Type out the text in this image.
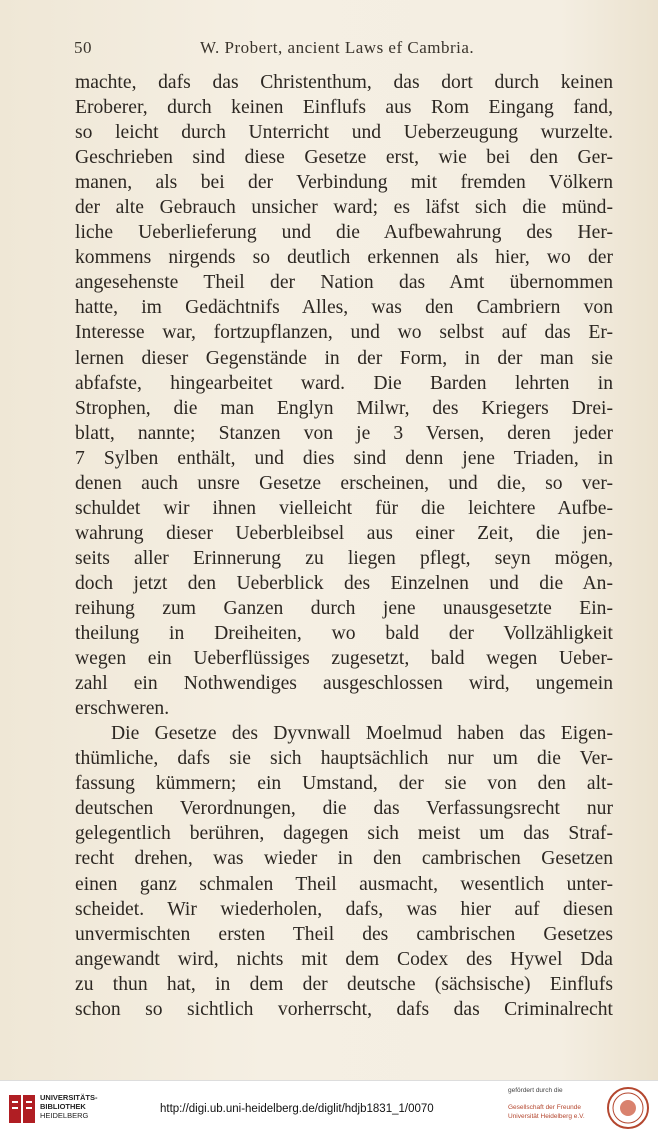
50	W. Probert, ancient Laws ef Cambria.
machte, dafs das Christenthum, das dort durch keinen
Eroberer, durch keinen Einflufs aus Rom Eingang fand,
so leicht durch Unterricht und Ueberzeugung wurzelte.
Geschrieben sind diese Gesetze erst, wie bei den Ger-
manen, als bei der Verbindung mit fremden Völkern
der alte Gebrauch unsicher ward; es läfst sich die münd-
liche Ueberlieferung und die Aufbewahrung des Her-
kommens nirgends so deutlich erkennen als hier, wo der
angesehenste Theil der Nation das Amt übernommen
hatte, im Gedächtnifs Alles, was den Cambriern von
Interesse war, fortzupflanzen, und wo selbst auf das Er-
lernen dieser Gegenstände in der Form, in der man sie
abfafste, hingearbeitet ward. Die Barden lehrten in
Strophen, die man Englyn Milwr, des Kriegers Drei-
blatt, nannte; Stanzen von je 3 Versen, deren jeder
7 Sylben enthält, und dies sind denn jene Triaden, in
denen auch unsre Gesetze erscheinen, und die, so ver-
schuldet wir ihnen vielleicht für die leichtere Aufbe-
wahrung dieser Ueberbleibsel aus einer Zeit, die jen-
seits aller Erinnerung zu liegen pflegt, seyn mögen,
doch jetzt den Ueberblick des Einzelnen und die An-
reihung zum Ganzen durch jene unausgesetzte Ein-
theilung in Dreiheiten, wo bald der Vollzähligkeit
wegen ein Ueberflüssiges zugesetzt, bald wegen Ueber-
zahl ein Nothwendiges ausgeschlossen wird, ungemein
erschweren.
Die Gesetze des Dyvnwall Moelmud haben das Eigen-
thümliche, dafs sie sich hauptsächlich nur um die Ver-
fassung kümmern; ein Umstand, der sie von den alt-
deutschen Verordnungen, die das Verfassungsrecht nur
gelegentlich berühren, dagegen sich meist um das Straf-
recht drehen, was wieder in den cambrischen Gesetzen
einen ganz schmalen Theil ausmacht, wesentlich unter-
scheidet. Wir wiederholen, dafs, was hier auf diesen
unvermischten ersten Theil des cambrischen Gesetzes
angewandt wird, nichts mit dem Codex des Hywel Dda
zu thun hat, in dem der deutsche (sächsische) Einflufs
schon so sichtlich vorherrscht, dafs das Criminalrecht
UNIVERSITÄTS-
BIBLIOTHEK
HEIDELBERG
http://digi.ub.uni-heidelberg.de/diglit/hdjb1831_1/0070
gefördert durch die
Gesellschaft der Freunde
Universität Heidelberg e.V.
